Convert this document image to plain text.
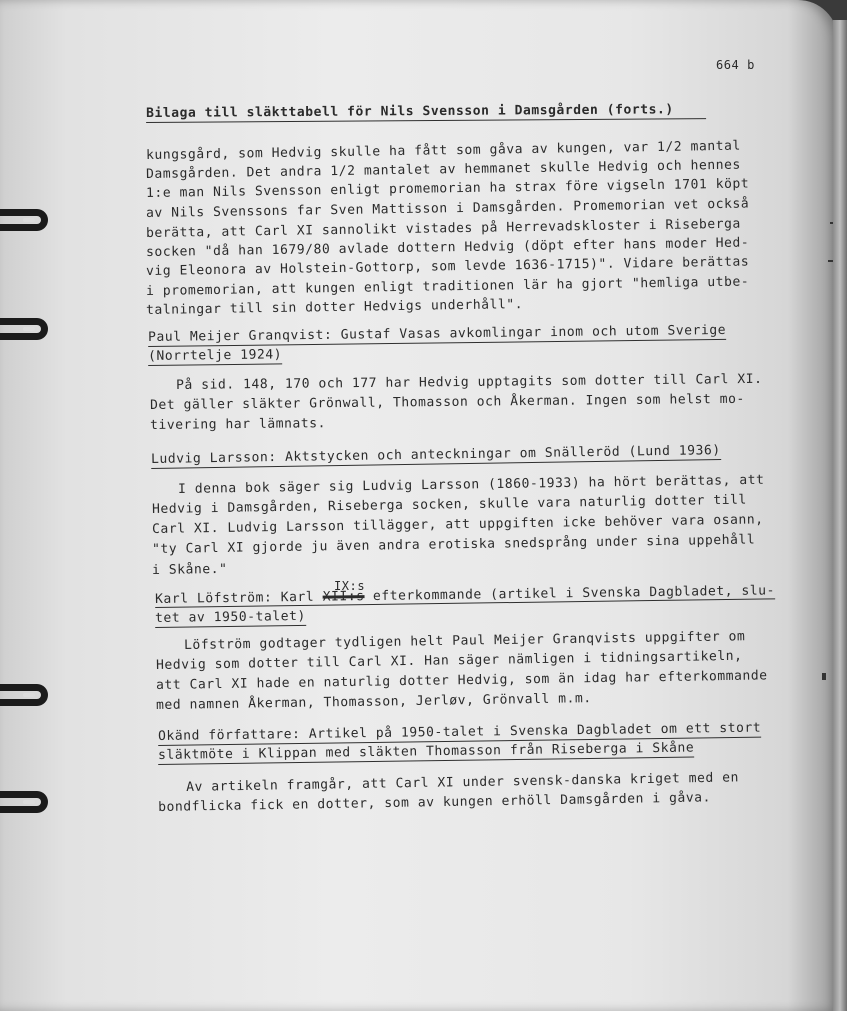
664 b
Bilaga till släkttabell för Nils Svensson i Damsgården (forts.)
kungsgård, som Hedvig skulle ha fått som gåva av kungen, var 1/2 mantal
Damsgården. Det andra 1/2 mantalet av hemmanet skulle Hedvig och hennes
1:e man Nils Svensson enligt promemorian ha strax före vigseln 1701 köpt
av Nils Svenssons far Sven Mattisson i Damsgården. Promemorian vet också
berätta, att Carl XI sannolikt vistades på Herrevadskloster i Riseberga
socken "då han 1679/80 avlade dottern Hedvig (döpt efter hans moder Hed-
vig Eleonora av Holstein-Gottorp, som levde 1636-1715)". Vidare berättas
i promemorian, att kungen enligt traditionen lär ha gjort "hemliga utbe-
talningar till sin dotter Hedvigs underhåll".
Paul Meijer Granqvist: Gustaf Vasas avkomlingar inom och utom Sverige
(Norrtelje 1924)
På sid. 148, 170 och 177 har Hedvig upptagits som dotter till Carl XI.
Det gäller släkter Grönwall, Thomasson och Åkerman. Ingen som helst mo-
tivering har lämnats.
Ludvig Larsson: Aktstycken och anteckningar om Snälleröd (Lund 1936)
I denna bok säger sig Ludvig Larsson (1860-1933) ha hört berättas, att
Hedvig i Damsgården, Riseberga socken, skulle vara naturlig dotter till
Carl XI. Ludvig Larsson tillägger, att uppgiften icke behöver vara osann,
"ty Carl XI gjorde ju även andra erotiska snedsprång under sina uppehåll
i Skåne."
IX:s
Karl Löfström: Karl XII:s efterkommande (artikel i Svenska Dagbladet, slu-
tet av 1950-talet)
Löfström godtager tydligen helt Paul Meijer Granqvists uppgifter om
Hedvig som dotter till Carl XI. Han säger nämligen i tidningsartikeln,
att Carl XI hade en naturlig dotter Hedvig, som än idag har efterkommande
med namnen Åkerman, Thomasson, Jerløv, Grönvall m.m.
Okänd författare: Artikel på 1950-talet i Svenska Dagbladet om ett stort
släktmöte i Klippan med släkten Thomasson från Riseberga i Skåne
Av artikeln framgår, att Carl XI under svensk-danska kriget med en
bondflicka fick en dotter, som av kungen erhöll Damsgården i gåva.
